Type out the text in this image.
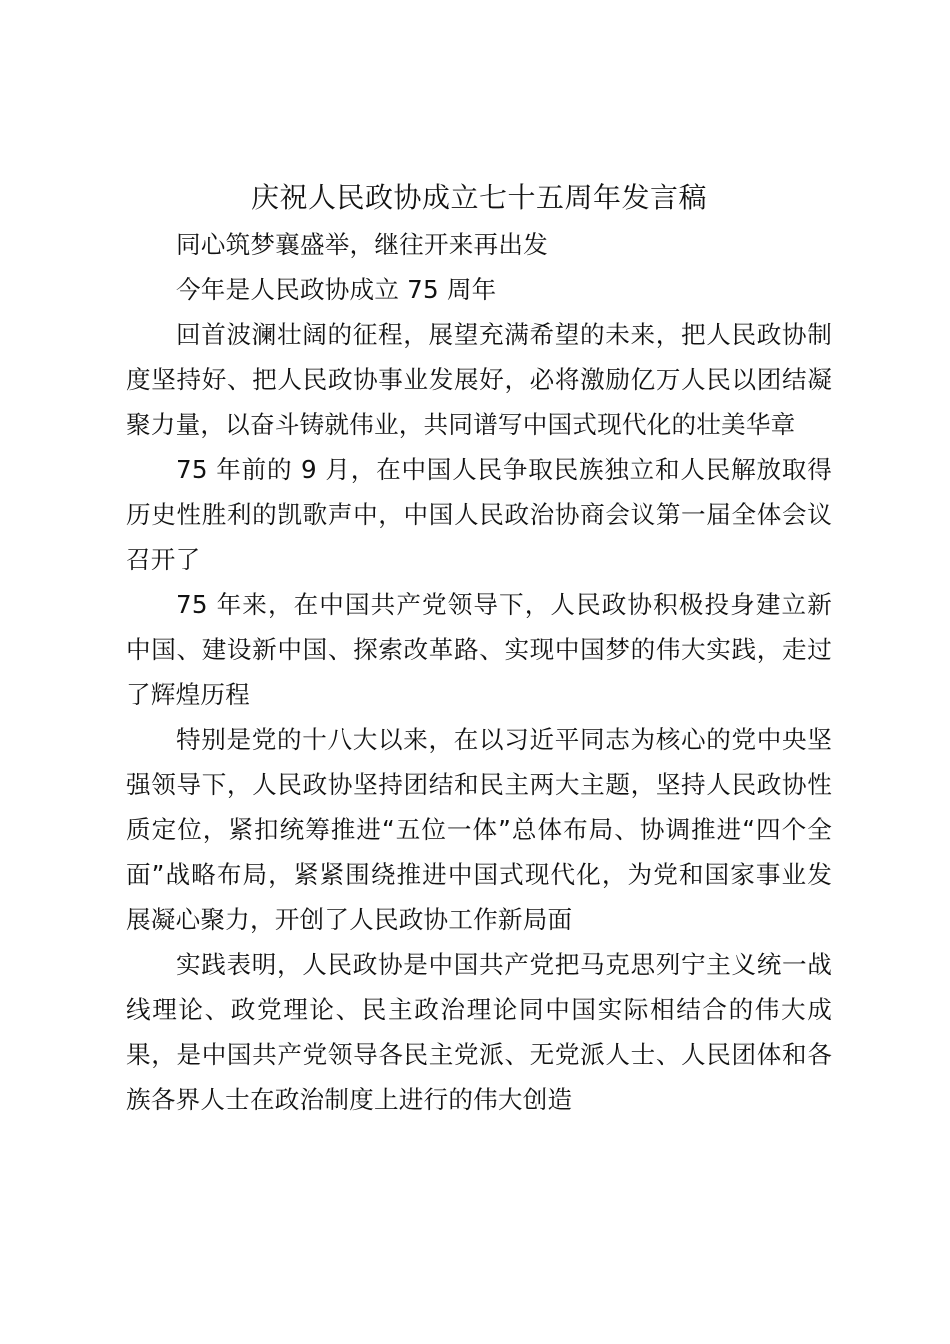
庆祝人民政协成立七十五周年发言稿

同心筑梦襄盛举，继往开来再出发

今年是人民政协成立 75 周年

回首波澜壮阔的征程，展望充满希望的未来，把人民政协制度坚持好、把人民政协事业发展好，必将激励亿万人民以团结凝聚力量，以奋斗铸就伟业，共同谱写中国式现代化的壮美华章

75 年前的 9 月，在中国人民争取民族独立和人民解放取得历史性胜利的凯歌声中，中国人民政治协商会议第一届全体会议召开了

75 年来，在中国共产党领导下，人民政协积极投身建立新中国、建设新中国、探索改革路、实现中国梦的伟大实践，走过了辉煌历程

特别是党的十八大以来，在以习近平同志为核心的党中央坚强领导下，人民政协坚持团结和民主两大主题，坚持人民政协性质定位，紧扣统筹推进“五位一体”总体布局、协调推进“四个全面”战略布局，紧紧围绕推进中国式现代化，为党和国家事业发展凝心聚力，开创了人民政协工作新局面

实践表明，人民政协是中国共产党把马克思列宁主义统一战线理论、政党理论、民主政治理论同中国实际相结合的伟大成果，是中国共产党领导各民主党派、无党派人士、人民团体和各族各界人士在政治制度上进行的伟大创造
